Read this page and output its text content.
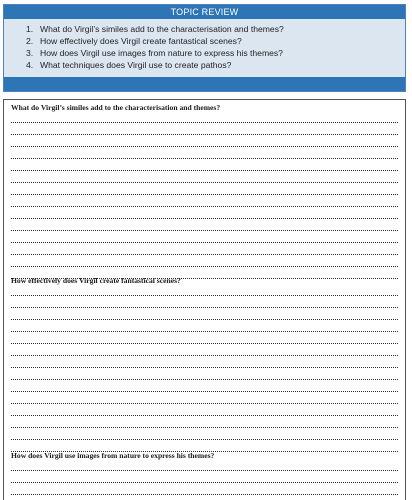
TOPIC REVIEW
1. What do Virgil’s similes add to the characterisation and themes?
2. How effectively does Virgil create fantastical scenes?
3. How does Virgil use images from nature to express his themes?
4. What techniques does Virgil use to create pathos?
What do Virgil’s similes add to the characterisation and themes?
How effectively does Virgil create fantastical scenes?
How does Virgil use images from nature to express his themes?
